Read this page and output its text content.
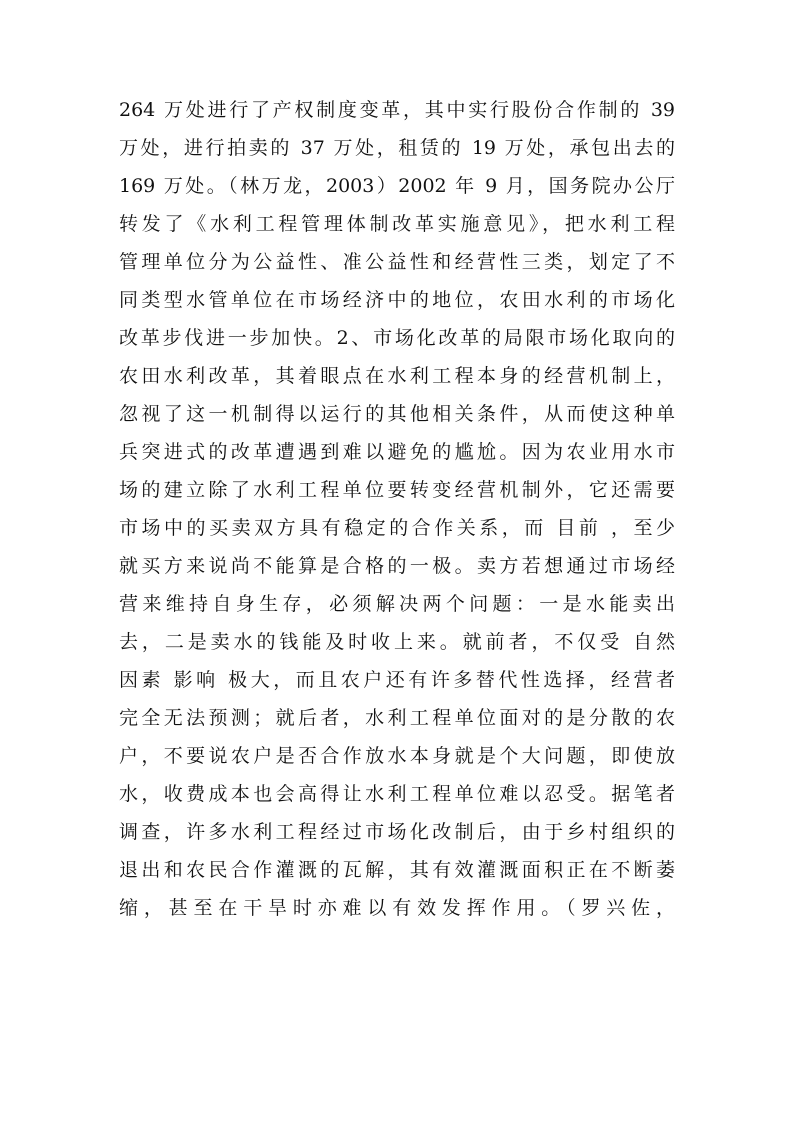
264 万处进行了产权制度变革，其中实行股份合作制的 39
万处，进行拍卖的 37 万处，租赁的 19 万处，承包出去的
169 万处。（林万龙，2003）2002 年 9 月，国务院办公厅
转发了《水利工程管理体制改革实施意见》，把水利工程
管理单位分为公益性、准公益性和经营性三类，划定了不
同类型水管单位在市场经济中的地位，农田水利的市场化
改革步伐进一步加快。2、市场化改革的局限市场化取向的
农田水利改革，其着眼点在水利工程本身的经营机制上，
忽视了这一机制得以运行的其他相关条件，从而使这种单
兵突进式的改革遭遇到难以避免的尴尬。因为农业用水市
场的建立除了水利工程单位要转变经营机制外，它还需要
市场中的买卖双方具有稳定的合作关系，而 目前 ，至少
就买方来说尚不能算是合格的一极。卖方若想通过市场经
营来维持自身生存，必须解决两个问题：一是水能卖出
去，二是卖水的钱能及时收上来。就前者，不仅受 自然
因素 影响 极大，而且农户还有许多替代性选择，经营者
完全无法预测；就后者，水利工程单位面对的是分散的农
户，不要说农户是否合作放水本身就是个大问题，即使放
水，收费成本也会高得让水利工程单位难以忍受。据笔者
调查，许多水利工程经过市场化改制后，由于乡村组织的
退出和农民合作灌溉的瓦解，其有效灌溉面积正在不断萎
缩，甚至在干旱时亦难以有效发挥作用。（罗兴佐，
